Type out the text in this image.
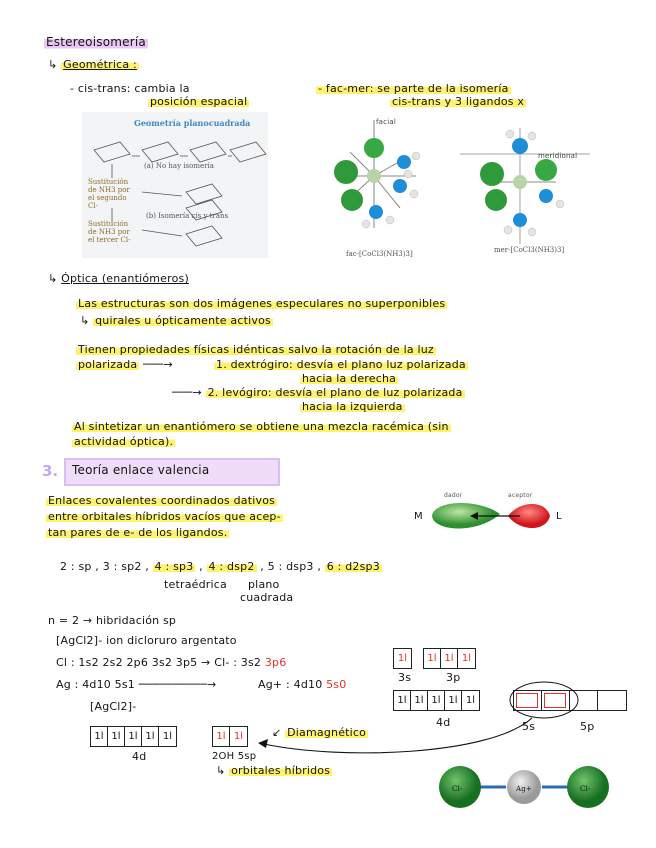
Estereoisomería
↳ Geométrica :
- cis-trans: cambia la
posición espacial
- fac-mer: se parte de la isomería
cis-trans y 3 ligandos x
Geometría planocuadrada
(a) No hay isomería
(b) Isomería cis y trans
Sustitución de NH3 por el segundo Cl-
Sustitución de NH3 por el tercer Cl-
facial
fac-[CoCl3(NH3)3]
meridional
mer-[CoCl3(NH3)3]
↳ Óptica (enantiómeros)
Las estructuras son dos imágenes especulares no superponibles
↳ quirales u ópticamente activos
Tienen propiedades físicas idénticas salvo la rotación de la luz
polarizada ───→	1. dextrógiro: desvía el plano luz polarizada
hacia la derecha
───→ 2. levógiro: desvía el plano de luz polarizada
hacia la izquierda
Al sintetizar un enantiómero se obtiene una mezcla racémica (sin
actividad óptica).
3. Teoría enlace valencia
Enlaces covalentes coordinados dativos
entre orbitales híbridos vacíos que acep-
tan pares de e- de los ligandos.
M	L
dador	aceptor
2 : sp , 3 : sp2 , 4 : sp3 , 4 : dsp2 , 5 : dsp3 , 6 : d2sp3
tetraédrica plano
cuadrada
n = 2 → hibridación sp
[AgCl2]- ion dicloruro argentato
Cl : 1s2 2s2 2p6 3s2 3p5 → Cl- : 3s2 3p6
Ag : 4d10 5s1 ──────────→	Ag+ : 4d10 5s0
[AgCl2]-
1l	1l 1l 1l
3s	3p
1l 1l 1l 1l 1l
4d	5s	5p
1l 1l 1l 1l 1l
4d
1l 1l	↙ Diamagnético
2OH 5sp
↳ orbitales híbridos
Cl-	Ag+	Cl-
